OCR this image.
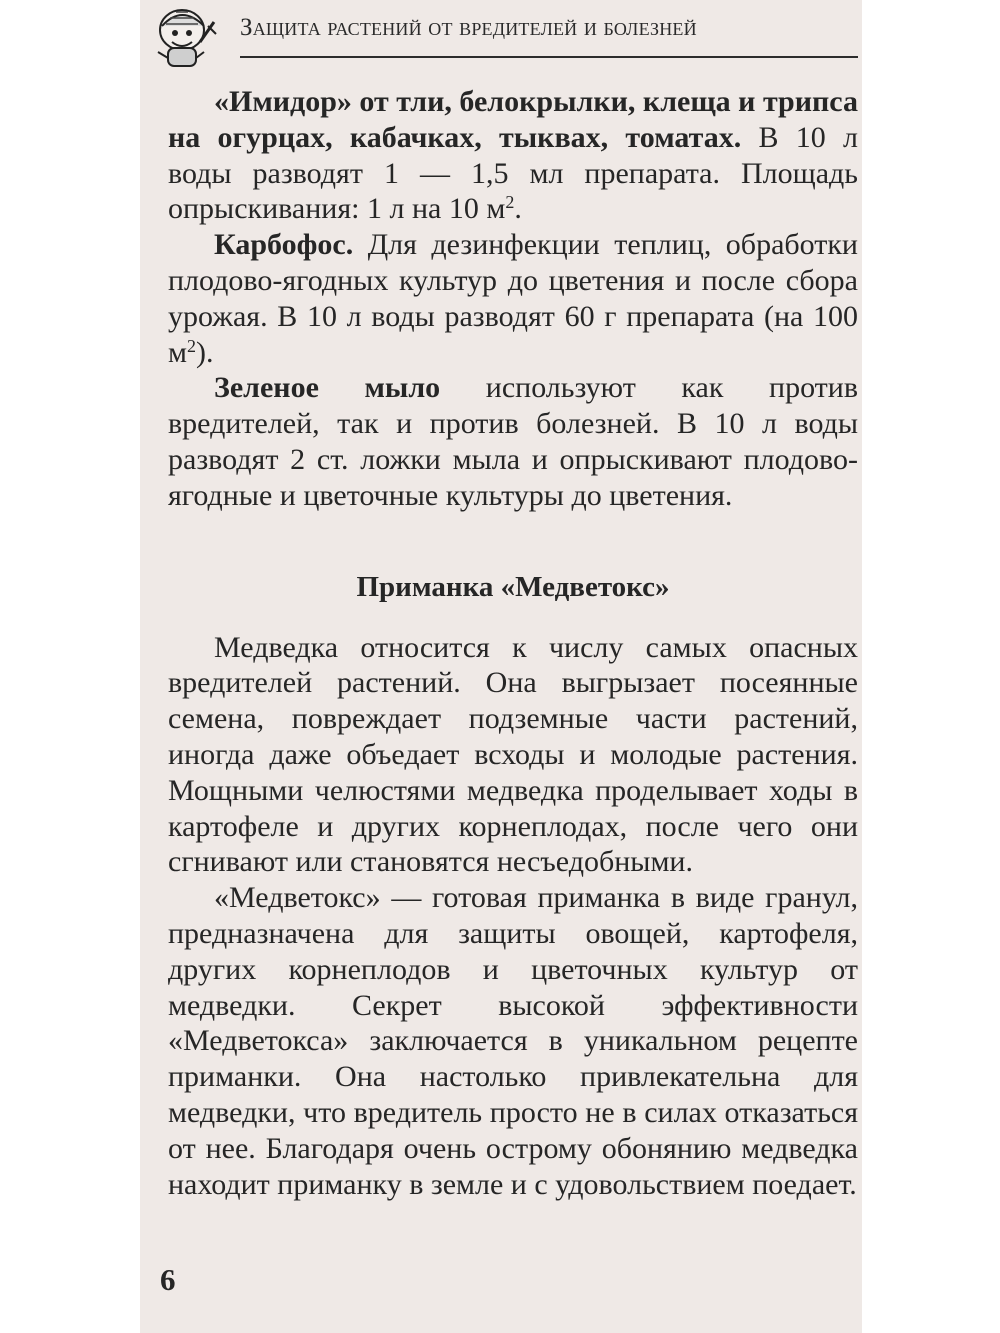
Защита растений от вредителей и болезней

«Имидор» от тли, белокрылки, клеща и трипса на огурцах, кабачках, тыквах, томатах. В 10 л воды разводят 1 — 1,5 мл препарата. Площадь опрыскивания: 1 л на 10 $м^2$.

Карбофос. Для дезинфекции теплиц, обработки плодово-ягодных культур до цветения и после сбора урожая. В 10 л воды разводят 60 г препарата (на 100 $м^2$).

Зеленое мыло используют как против вредителей, так и против болезней. В 10 л воды разводят 2 ст. ложки мыла и опрыскивают плодово-ягодные и цветочные культуры до цветения.

Приманка «Медветокс»

Медведка относится к числу самых опасных вредителей растений. Она выгрызает посеянные семена, повреждает подземные части растений, иногда даже объедает всходы и молодые растения. Мощными челюстями медведка проделывает ходы в картофеле и других корнеплодах, после чего они сгнивают или становятся несъедобными.

«Медветокс» — готовая приманка в виде гранул, предназначена для защиты овощей, картофеля, других корнеплодов и цветочных культур от медведки. Секрет высокой эффективности «Медветокса» заключается в уникальном рецепте приманки. Она настолько привлекательна для медведки, что вредитель просто не в силах отказаться от нее. Благодаря очень острому обонянию медведка находит приманку в земле и с удовольствием поедает.

6
